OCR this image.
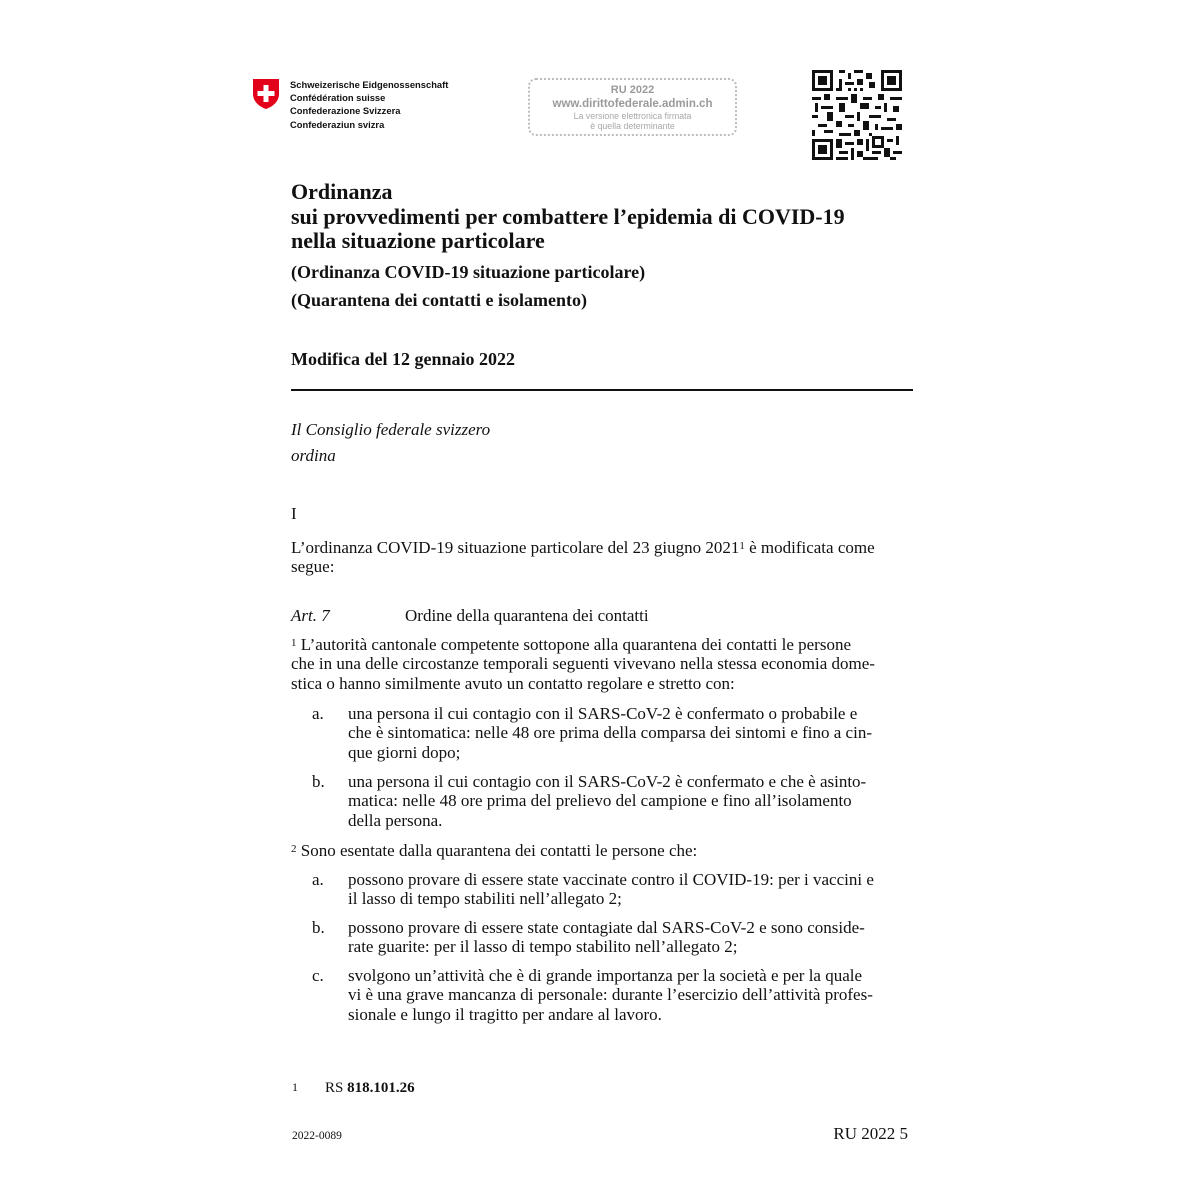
Schweizerische Eidgenossenschaft
Confédération suisse
Confederazione Svizzera
Confederaziun svizra
RU 2022
www.dirittofederale.admin.ch
La versione elettronica firmata
è quella determinante
Ordinanza
sui provvedimenti per combattere l’epidemia di COVID-19
nella situazione particolare
(Ordinanza COVID-19 situazione particolare)
(Quarantena dei contatti e isolamento)
Modifica del 12 gennaio 2022
Il Consiglio federale svizzero
ordina
I
L’ordinanza COVID-19 situazione particolare del 23 giugno 2021$^1$ è modificata come
segue:
Art. 7	Ordine della quarantena dei contatti
$^1$ L’autorità cantonale competente sottopone alla quarantena dei contatti le persone
che in una delle circostanze temporali seguenti vivevano nella stessa economia dome-
stica o hanno similmente avuto un contatto regolare e stretto con:
a. una persona il cui contagio con il SARS-CoV-2 è confermato o probabile e
che è sintomatica: nelle 48 ore prima della comparsa dei sintomi e fino a cin-
que giorni dopo;
b. una persona il cui contagio con il SARS-CoV-2 è confermato e che è asinto-
matica: nelle 48 ore prima del prelievo del campione e fino all’isolamento
della persona.
$^2$ Sono esentate dalla quarantena dei contatti le persone che:
a. possono provare di essere state vaccinate contro il COVID-19: per i vaccini e
il lasso di tempo stabiliti nell’allegato 2;
b. possono provare di essere state contagiate dal SARS-CoV-2 e sono conside-
rate guarite: per il lasso di tempo stabilito nell’allegato 2;
c. svolgono un’attività che è di grande importanza per la società e per la quale
vi è una grave mancanza di personale: durante l’esercizio dell’attività profes-
sionale e lungo il tragitto per andare al lavoro.
1 RS 818.101.26
2022-0089	RU 2022 5
